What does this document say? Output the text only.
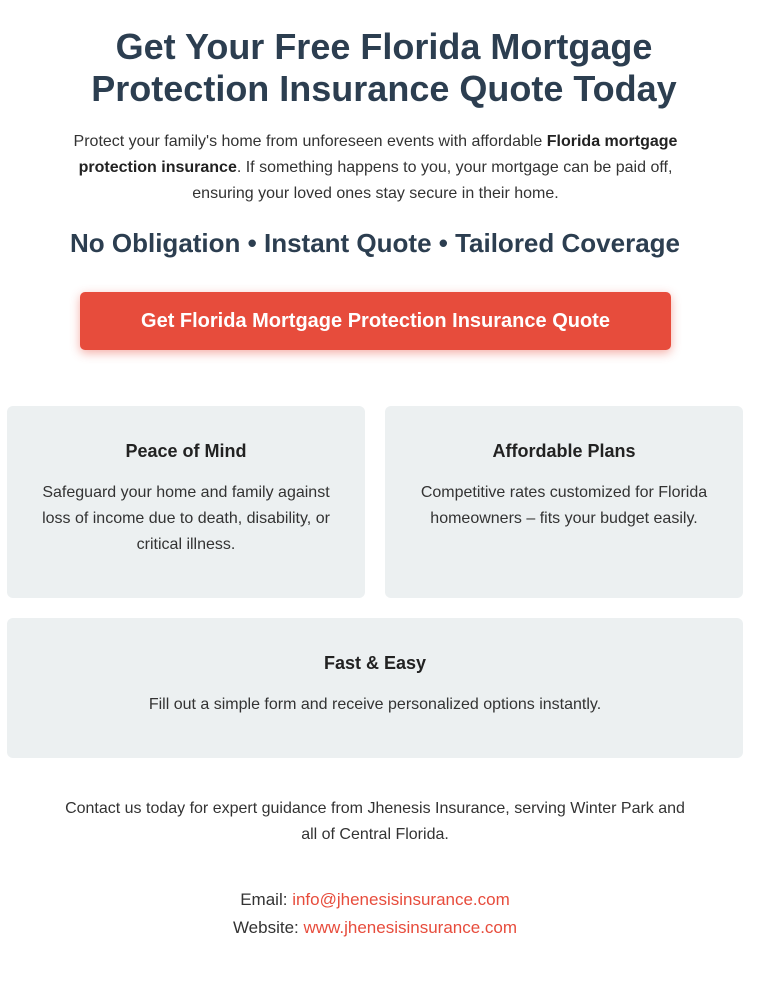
Get Your Free Florida Mortgage
Protection Insurance Quote Today

Protect your family's home from unforeseen events with affordable Florida mortgage protection insurance. If something happens to you, your mortgage can be paid off, ensuring your loved ones stay secure in their home.

No Obligation • Instant Quote • Tailored Coverage
Get Florida Mortgage Protection Insurance Quote
Peace of Mind

Safeguard your home and family against loss of income due to death, disability, or critical illness.

Affordable Plans

Competitive rates customized for Florida homeowners – fits your budget easily.

Fast & Easy

Fill out a simple form and receive personalized options instantly.

Contact us today for expert guidance from Jhenesis Insurance, serving Winter Park and all of Central Florida.

Email: info@jhenesisinsurance.com
Website: www.jhenesisinsurance.com
